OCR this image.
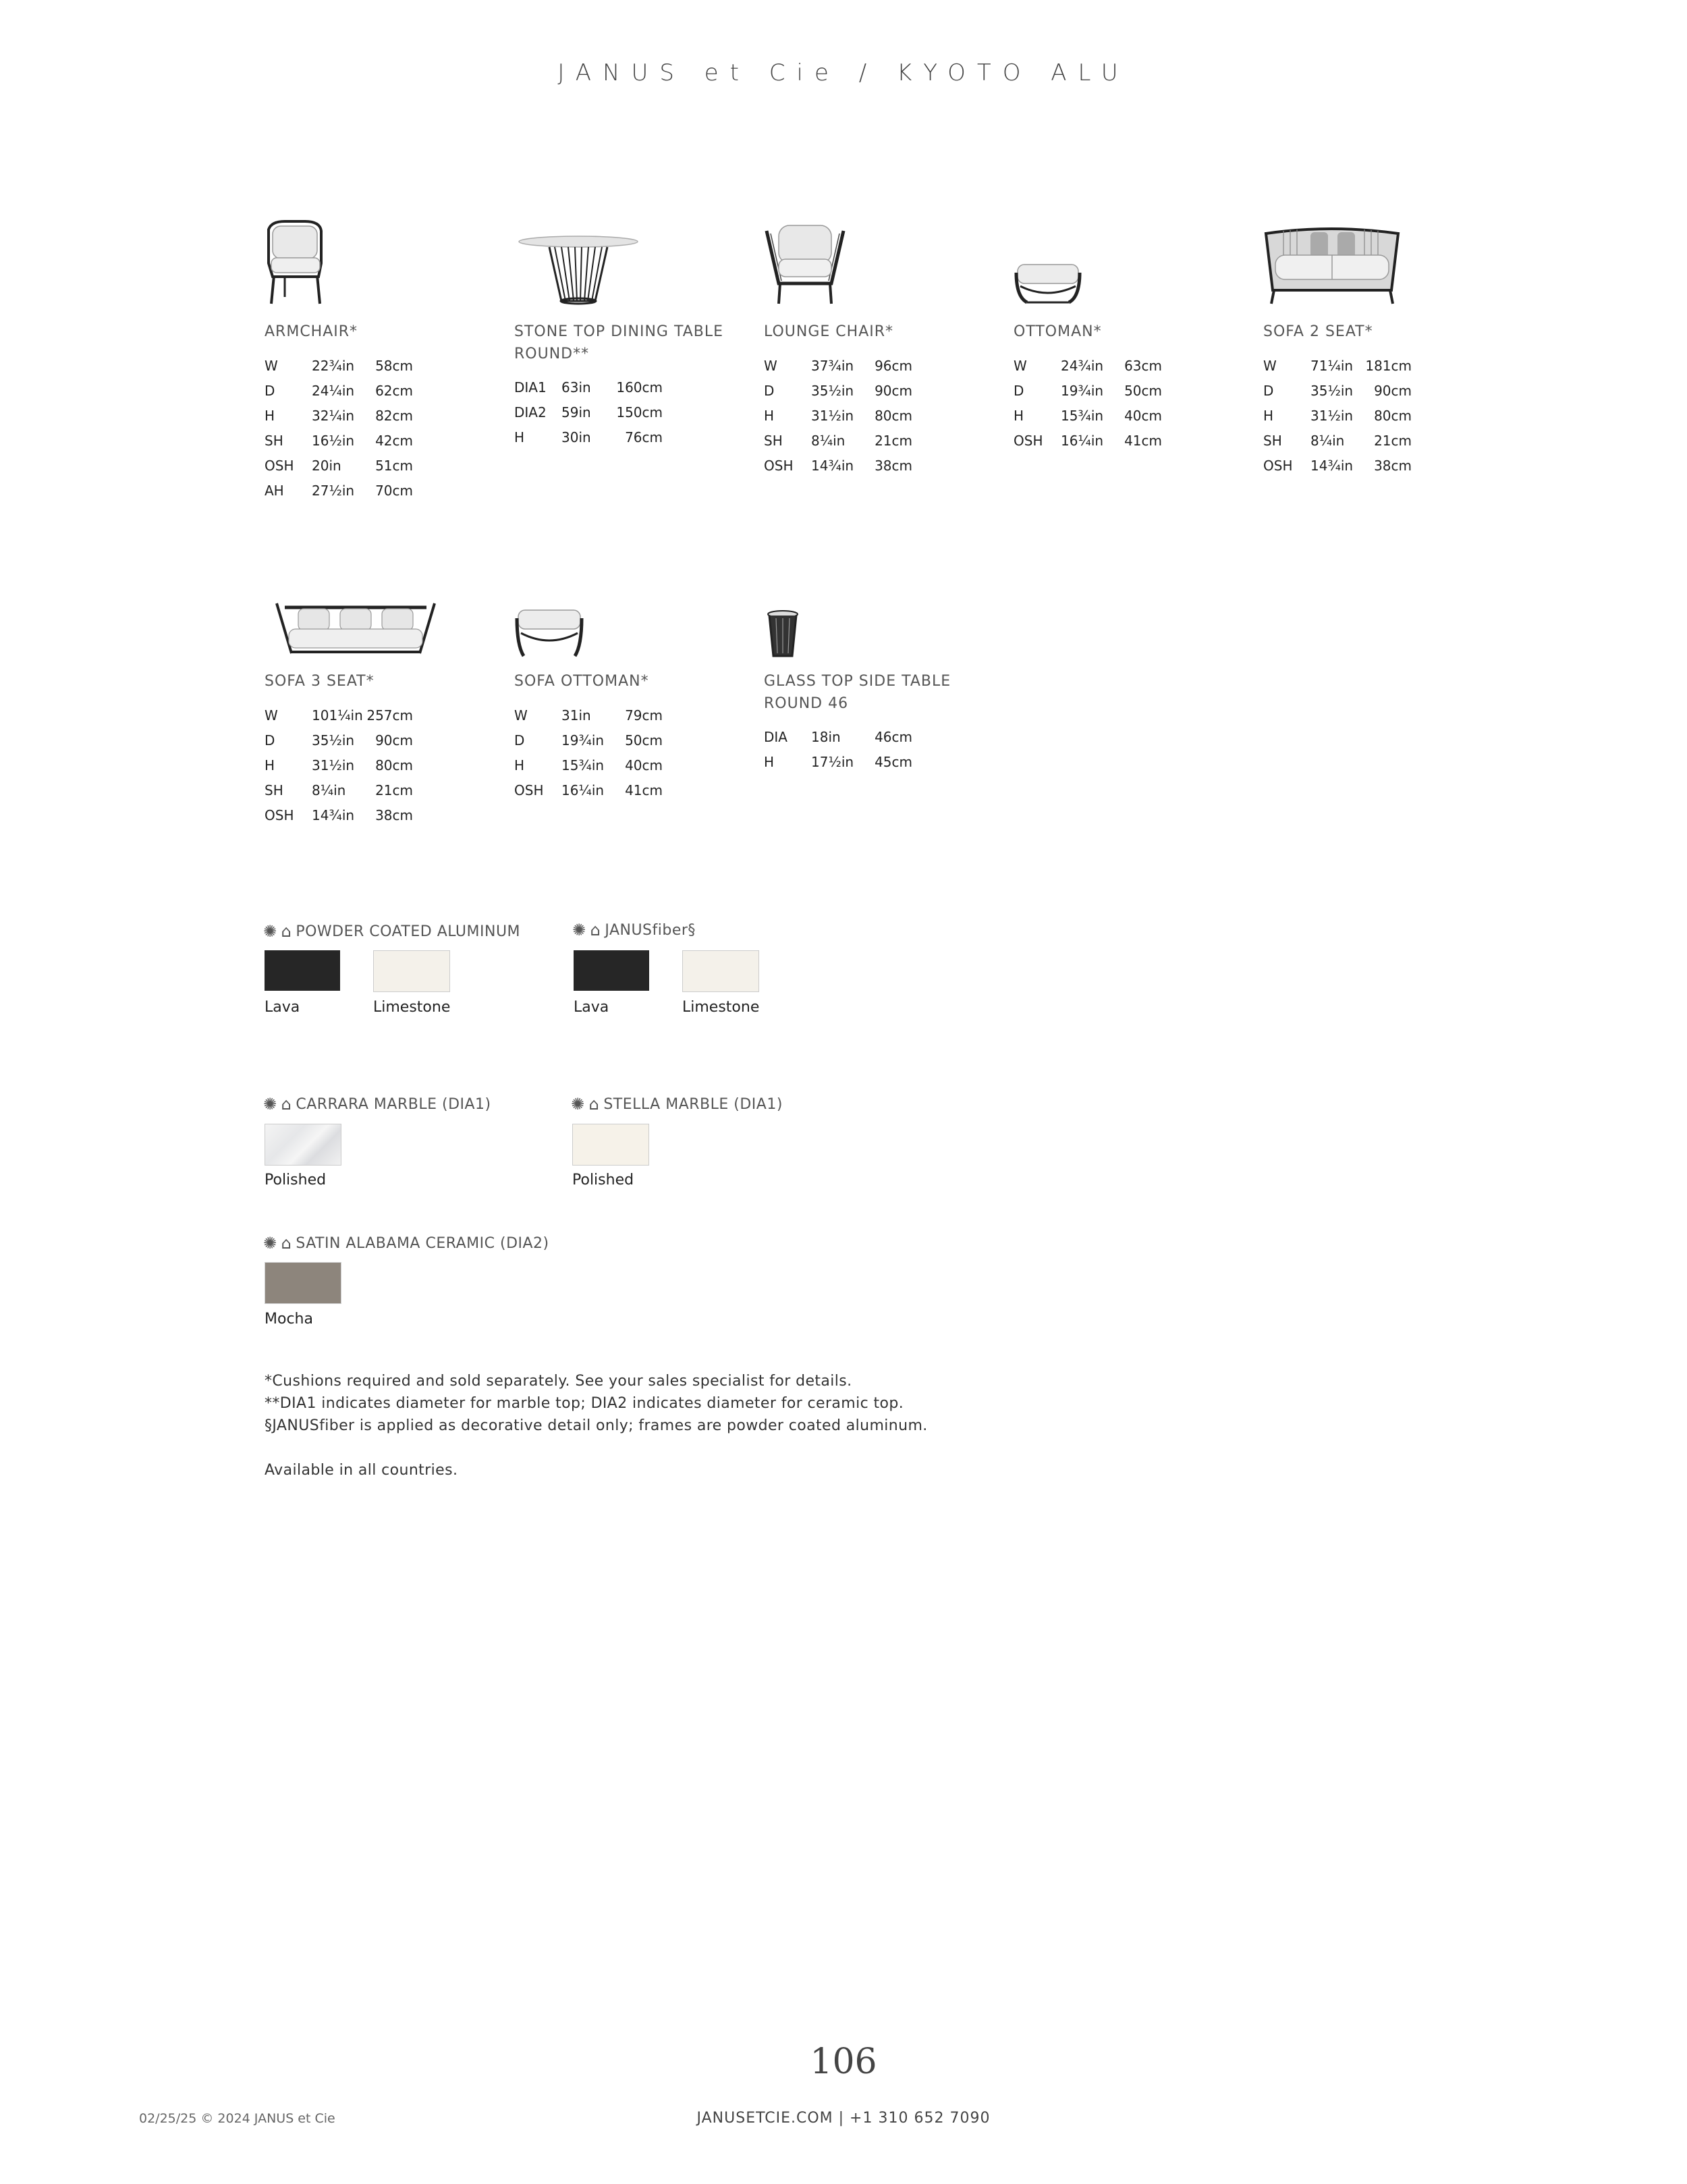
JANUS et Cie / KYOTO ALU
ARMCHAIR*
W	22¾in	58cm
D	24¼in	62cm
H	32¼in	82cm
SH	16½in	42cm
OSH	20in	51cm
AH	27½in	70cm
STONE TOP DINING TABLE ROUND**
DIA1	63in	160cm
DIA2	59in	150cm
H	30in	76cm
LOUNGE CHAIR*
W	37¾in	96cm
D	35½in	90cm
H	31½in	80cm
SH	8¼in	21cm
OSH	14¾in	38cm
OTTOMAN*
W	24¾in	63cm
D	19¾in	50cm
H	15¾in	40cm
OSH	16¼in	41cm
SOFA 2 SEAT*
W	71¼in	181cm
D	35½in	90cm
H	31½in	80cm
SH	8¼in	21cm
OSH	14¾in	38cm
SOFA 3 SEAT*
W	101¼in	257cm
D	35½in	90cm
H	31½in	80cm
SH	8¼in	21cm
OSH	14¾in	38cm
SOFA OTTOMAN*
W	31in	79cm
D	19¾in	50cm
H	15¾in	40cm
OSH	16¼in	41cm
GLASS TOP SIDE TABLE ROUND 46
DIA	18in	46cm
H	17½in	45cm
✺ ⌂ POWDER COATED ALUMINUM
Lava	Limestone
✺ ⌂ JANUSfiber§
Lava	Limestone
✺ ⌂ CARRARA MARBLE (DIA1)
Polished
✺ ⌂ STELLA MARBLE (DIA1)
Polished
✺ ⌂ SATIN ALABAMA CERAMIC (DIA2)
Mocha

*Cushions required and sold separately. See your sales specialist for details.

**DIA1 indicates diameter for marble top; DIA2 indicates diameter for ceramic top.

§JANUSfiber is applied as decorative detail only; frames are powder coated aluminum.

Available in all countries.

106
02/25/25 © 2024 JANUS et Cie	JANUSETCIE.COM | +1 310 652 7090
